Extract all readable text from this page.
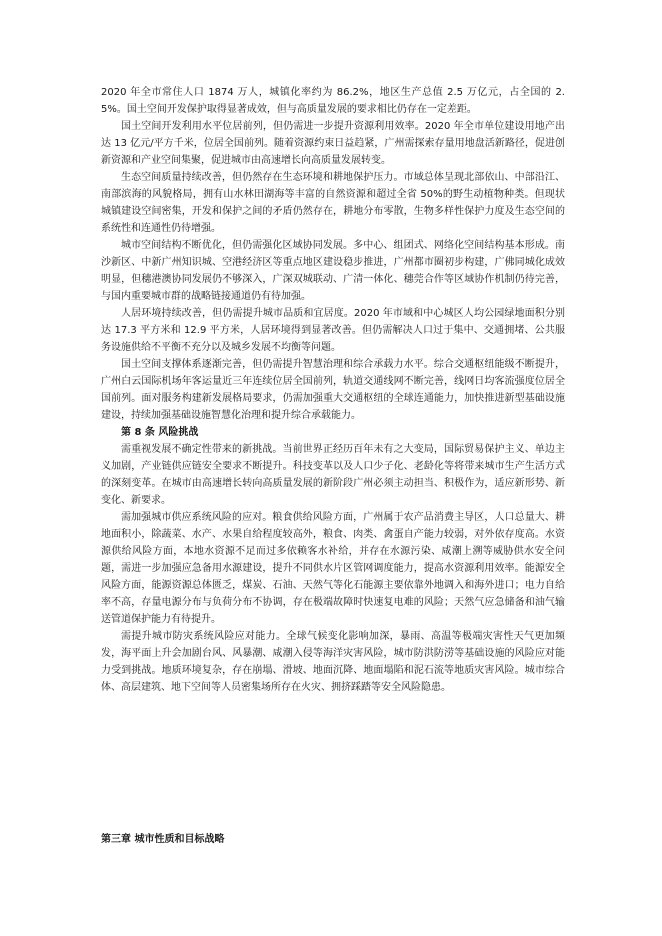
2020 年全市常住人口 1874 万人，城镇化率约为 86.2%，地区生产总值 2.5 万亿元，占全国的 2.5%。国土空间开发保护取得显著成效，但与高质量发展的要求相比仍存在一定差距。

国土空间开发利用水平位居前列，但仍需进一步提升资源利用效率。2020 年全市单位建设用地产出达 13 亿元/平方千米，位居全国前列。随着资源约束日益趋紧，广州需探索存量用地盘活新路径，促进创新资源和产业空间集聚，促进城市由高速增长向高质量发展转变。

生态空间质量持续改善，但仍然存在生态环境和耕地保护压力。市域总体呈现北部依山、中部沿江、南部滨海的风貌格局，拥有山水林田湖海等丰富的自然资源和超过全省 50%的野生动植物种类。但现状城镇建设空间密集，开发和保护之间的矛盾仍然存在，耕地分布零散，生物多样性保护力度及生态空间的系统性和连通性仍待增强。

城市空间结构不断优化，但仍需强化区域协同发展。多中心、组团式、网络化空间结构基本形成。南沙新区、中新广州知识城、空港经济区等重点地区建设稳步推进，广州都市圈初步构建，广佛同城化成效明显，但穗港澳协同发展仍不够深入，广深双城联动、广清一体化、穗莞合作等区域协作机制仍待完善，与国内重要城市群的战略链接通道仍有待加强。

人居环境持续改善，但仍需提升城市品质和宜居度。2020 年市域和中心城区人均公园绿地面积分别达 17.3 平方米和 12.9 平方米，人居环境得到显著改善。但仍需解决人口过于集中、交通拥堵、公共服务设施供给不平衡不充分以及城乡发展不均衡等问题。

国土空间支撑体系逐渐完善，但仍需提升智慧治理和综合承载力水平。综合交通枢纽能级不断提升，广州白云国际机场年客运量近三年连续位居全国前列，轨道交通线网不断完善，线网日均客流强度位居全国前列。面对服务构建新发展格局要求，仍需加强重大交通枢纽的全球连通能力，加快推进新型基础设施建设，持续加强基础设施智慧化治理和提升综合承载能力。

第 8 条 风险挑战

需重视发展不确定性带来的新挑战。当前世界正经历百年未有之大变局，国际贸易保护主义、单边主义加剧，产业链供应链安全要求不断提升。科技变革以及人口少子化、老龄化等将带来城市生产生活方式的深刻变革。在城市由高速增长转向高质量发展的新阶段广州必须主动担当、积极作为，适应新形势、新变化、新要求。

需加强城市供应系统风险的应对。粮食供给风险方面，广州属于农产品消费主导区，人口总量大、耕地面积小，除蔬菜、水产、水果自给程度较高外，粮食、肉类、禽蛋自产能力较弱，对外依存度高。水资源供给风险方面，本地水资源不足而过多依赖客水补给，并存在水源污染、咸潮上溯等威胁供水安全问题，需进一步加强应急备用水源建设，提升不同供水片区管网调度能力，提高水资源利用效率。能源安全风险方面，能源资源总体匮乏，煤炭、石油、天然气等化石能源主要依靠外地调入和海外进口；电力自给率不高，存量电源分布与负荷分布不协调，存在极端故障时快速复电难的风险；天然气应急储备和油气输送管道保护能力有待提升。

需提升城市防灾系统风险应对能力。全球气候变化影响加深，暴雨、高温等极端灾害性天气更加频发，海平面上升会加剧台风、风暴潮、咸潮入侵等海洋灾害风险，城市防洪防涝等基础设施的风险应对能力受到挑战。地质环境复杂，存在崩塌、滑坡、地面沉降、地面塌陷和泥石流等地质灾害风险。城市综合体、高层建筑、地下空间等人员密集场所存在火灾、拥挤踩踏等安全风险隐患。

第三章 城市性质和目标战略
